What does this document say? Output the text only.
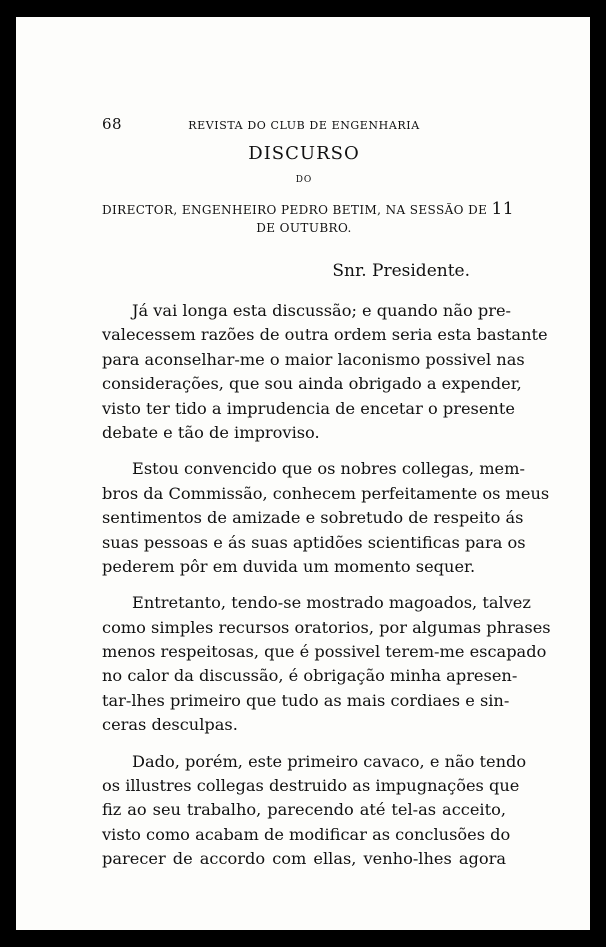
68	REVISTA DO CLUB DE ENGENHARIA
DISCURSO
DO
DIRECTOR, ENGENHEIRO PEDRO BETIM, NA SESSÃO DE 11
DE OUTUBRO.
Snr. Presidente.
Já vai longa esta discussão; e quando não pre-
valecessem razões de outra ordem seria esta bastante
para aconselhar-me o maior laconismo possivel nas
considerações, que sou ainda obrigado a expender,
visto ter tido a imprudencia de encetar o presente
debate e tão de improviso.
Estou convencido que os nobres collegas, mem-
bros da Commissão, conhecem perfeitamente os meus
sentimentos de amizade e sobretudo de respeito ás
suas pessoas e ás suas aptidões scientificas para os
pederem pôr em duvida um momento sequer.
Entretanto, tendo-se mostrado magoados, talvez
como simples recursos oratorios, por algumas phrases
menos respeitosas, que é possivel terem-me escapado
no calor da discussão, é obrigação minha apresen-
tar-lhes primeiro que tudo as mais cordiaes e sin-
ceras desculpas.
Dado, porém, este primeiro cavaco, e não tendo
os illustres collegas destruido as impugnações que
fiz ao seu trabalho, parecendo até tel-as acceito,
visto como acabam de modificar as conclusões do
parecer de accordo com ellas, venho-lhes agora
